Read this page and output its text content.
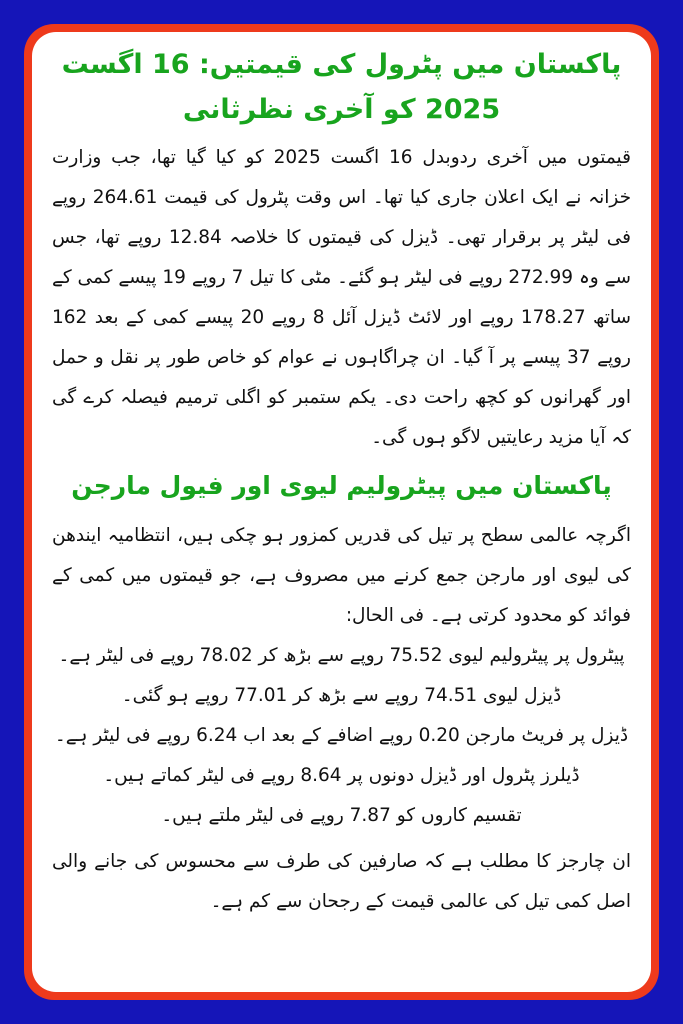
پاکستان میں پٹرول کی قیمتیں: 16 اگست 2025 کو آخری نظرثانی

قیمتوں میں آخری ردوبدل 16 اگست 2025 کو کیا گیا تھا، جب وزارت خزانہ نے ایک اعلان جاری کیا تھا۔ اس وقت پٹرول کی قیمت 264.61 روپے فی لیٹر پر برقرار تھی۔ ڈیزل کی قیمتوں کا خلاصہ 12.84 روپے تھا، جس سے وہ 272.99 روپے فی لیٹر ہو گئے۔ مٹی کا تیل 7 روپے 19 پیسے کمی کے ساتھ 178.27 روپے اور لائٹ ڈیزل آئل 8 روپے 20 پیسے کمی کے بعد 162 روپے 37 پیسے پر آ گیا۔ ان چراگاہوں نے عوام کو خاص طور پر نقل و حمل اور گھرانوں کو کچھ راحت دی۔ یکم ستمبر کو اگلی ترمیم فیصلہ کرے گی کہ آیا مزید رعایتیں لاگو ہوں گی۔

پاکستان میں پیٹرولیم لیوی اور فیول مارجن

اگرچہ عالمی سطح پر تیل کی قدریں کمزور ہو چکی ہیں، انتظامیہ ایندھن کی لیوی اور مارجن جمع کرنے میں مصروف ہے، جو قیمتوں میں کمی کے فوائد کو محدود کرتی ہے۔ فی الحال:

پیٹرول پر پیٹرولیم لیوی 75.52 روپے سے بڑھ کر 78.02 روپے فی لیٹر ہے۔

ڈیزل لیوی 74.51 روپے سے بڑھ کر 77.01 روپے ہو گئی۔

ڈیزل پر فریٹ مارجن 0.20 روپے اضافے کے بعد اب 6.24 روپے فی لیٹر ہے۔

ڈیلرز پٹرول اور ڈیزل دونوں پر 8.64 روپے فی لیٹر کماتے ہیں۔

تقسیم کاروں کو 7.87 روپے فی لیٹر ملتے ہیں۔

ان چارجز کا مطلب ہے کہ صارفین کی طرف سے محسوس کی جانے والی اصل کمی تیل کی عالمی قیمت کے رجحان سے کم ہے۔
